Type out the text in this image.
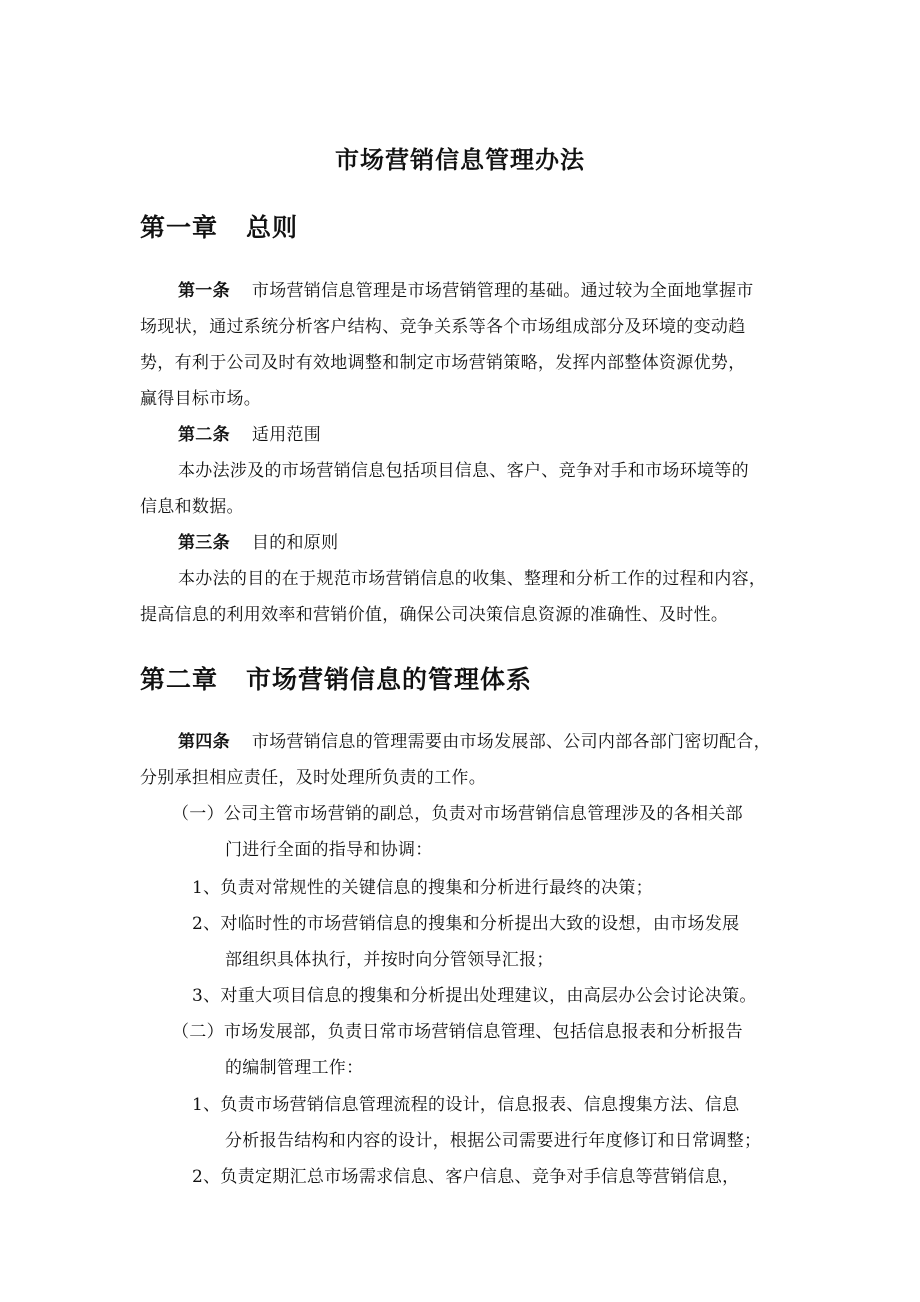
市场营销信息管理办法
第一章 总则
第一条 市场营销信息管理是市场营销管理的基础。通过较为全面地掌握市
场现状，通过系统分析客户结构、竞争关系等各个市场组成部分及环境的变动趋
势，有利于公司及时有效地调整和制定市场营销策略，发挥内部整体资源优势，
赢得目标市场。
第二条 适用范围
本办法涉及的市场营销信息包括项目信息、客户、竞争对手和市场环境等的
信息和数据。
第三条 目的和原则
本办法的目的在于规范市场营销信息的收集、整理和分析工作的过程和内容，
提高信息的利用效率和营销价值，确保公司决策信息资源的准确性、及时性。
第二章 市场营销信息的管理体系
第四条 市场营销信息的管理需要由市场发展部、公司内部各部门密切配合，
分别承担相应责任，及时处理所负责的工作。
（一）公司主管市场营销的副总，负责对市场营销信息管理涉及的各相关部
门进行全面的指导和协调：
1、负责对常规性的关键信息的搜集和分析进行最终的决策；
2、对临时性的市场营销信息的搜集和分析提出大致的设想，由市场发展
部组织具体执行，并按时向分管领导汇报；
3、对重大项目信息的搜集和分析提出处理建议，由高层办公会讨论决策。
（二）市场发展部，负责日常市场营销信息管理、包括信息报表和分析报告
的编制管理工作：
1、负责市场营销信息管理流程的设计，信息报表、信息搜集方法、信息
分析报告结构和内容的设计，根据公司需要进行年度修订和日常调整；
2、负责定期汇总市场需求信息、客户信息、竞争对手信息等营销信息，
